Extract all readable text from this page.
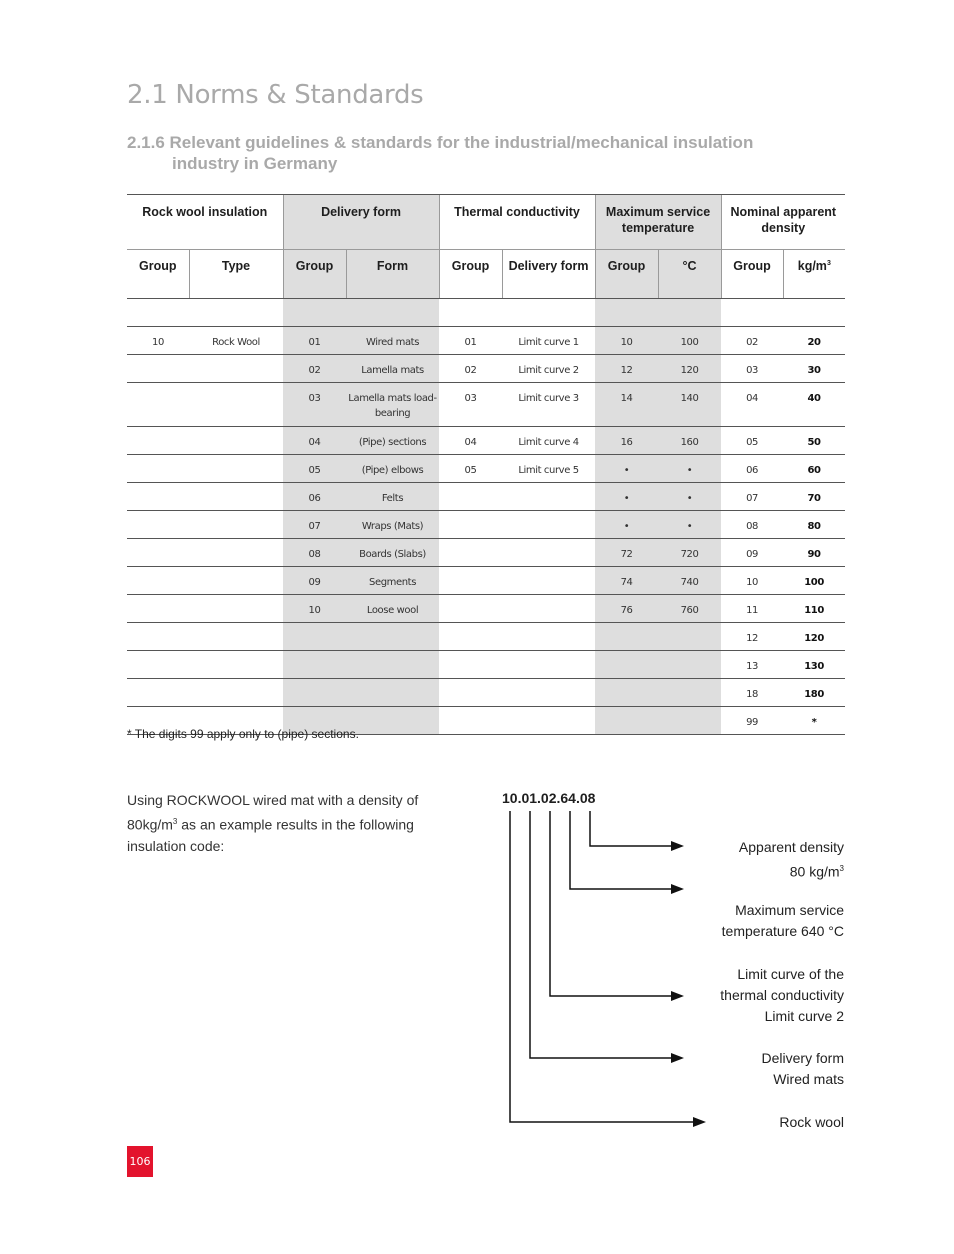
2.1 Norms & Standards
2.1.6 Relevant guidelines & standards for the industrial/mechanical insulation
industry in Germany
Rock wool insulation		Delivery form		Thermal conductivity		Maximum service temperature		Nominal apparent density	
Group	Type	Group	Form	Group	Delivery form	Group	°C	Group	$kg/m^3$

10	Rock Wool	01	Wired mats	01	Limit curve 1	10	100	02	20
		02	Lamella mats	02	Limit curve 2	12	120	03	30
		03	Lamella mats load-bearing	03	Limit curve 3	14	140	04	40
		04	(Pipe) sections	04	Limit curve 4	16	160	05	50
		05	(Pipe) elbows	05	Limit curve 5	•	•	06	60
		06	Felts			•	•	07	70
		07	Wraps (Mats)			•	•	08	80
		08	Boards (Slabs)			72	720	09	90
		09	Segments			74	740	10	100
		10	Loose wool			76	760	11	110
								12	120
								13	130
								18	180
								99	*
* The digits 99 apply only to (pipe) sections.
Using ROCKWOOL wired mat with a density of $80kg/m^3$ as an example results in the following insulation code:
10.01.02.64.08
Apparent density
80 $kg/m^3$
Maximum service
temperature 640 °C
Limit curve of the
thermal conductivity
Limit curve 2
Delivery form
Wired mats
Rock wool
106
